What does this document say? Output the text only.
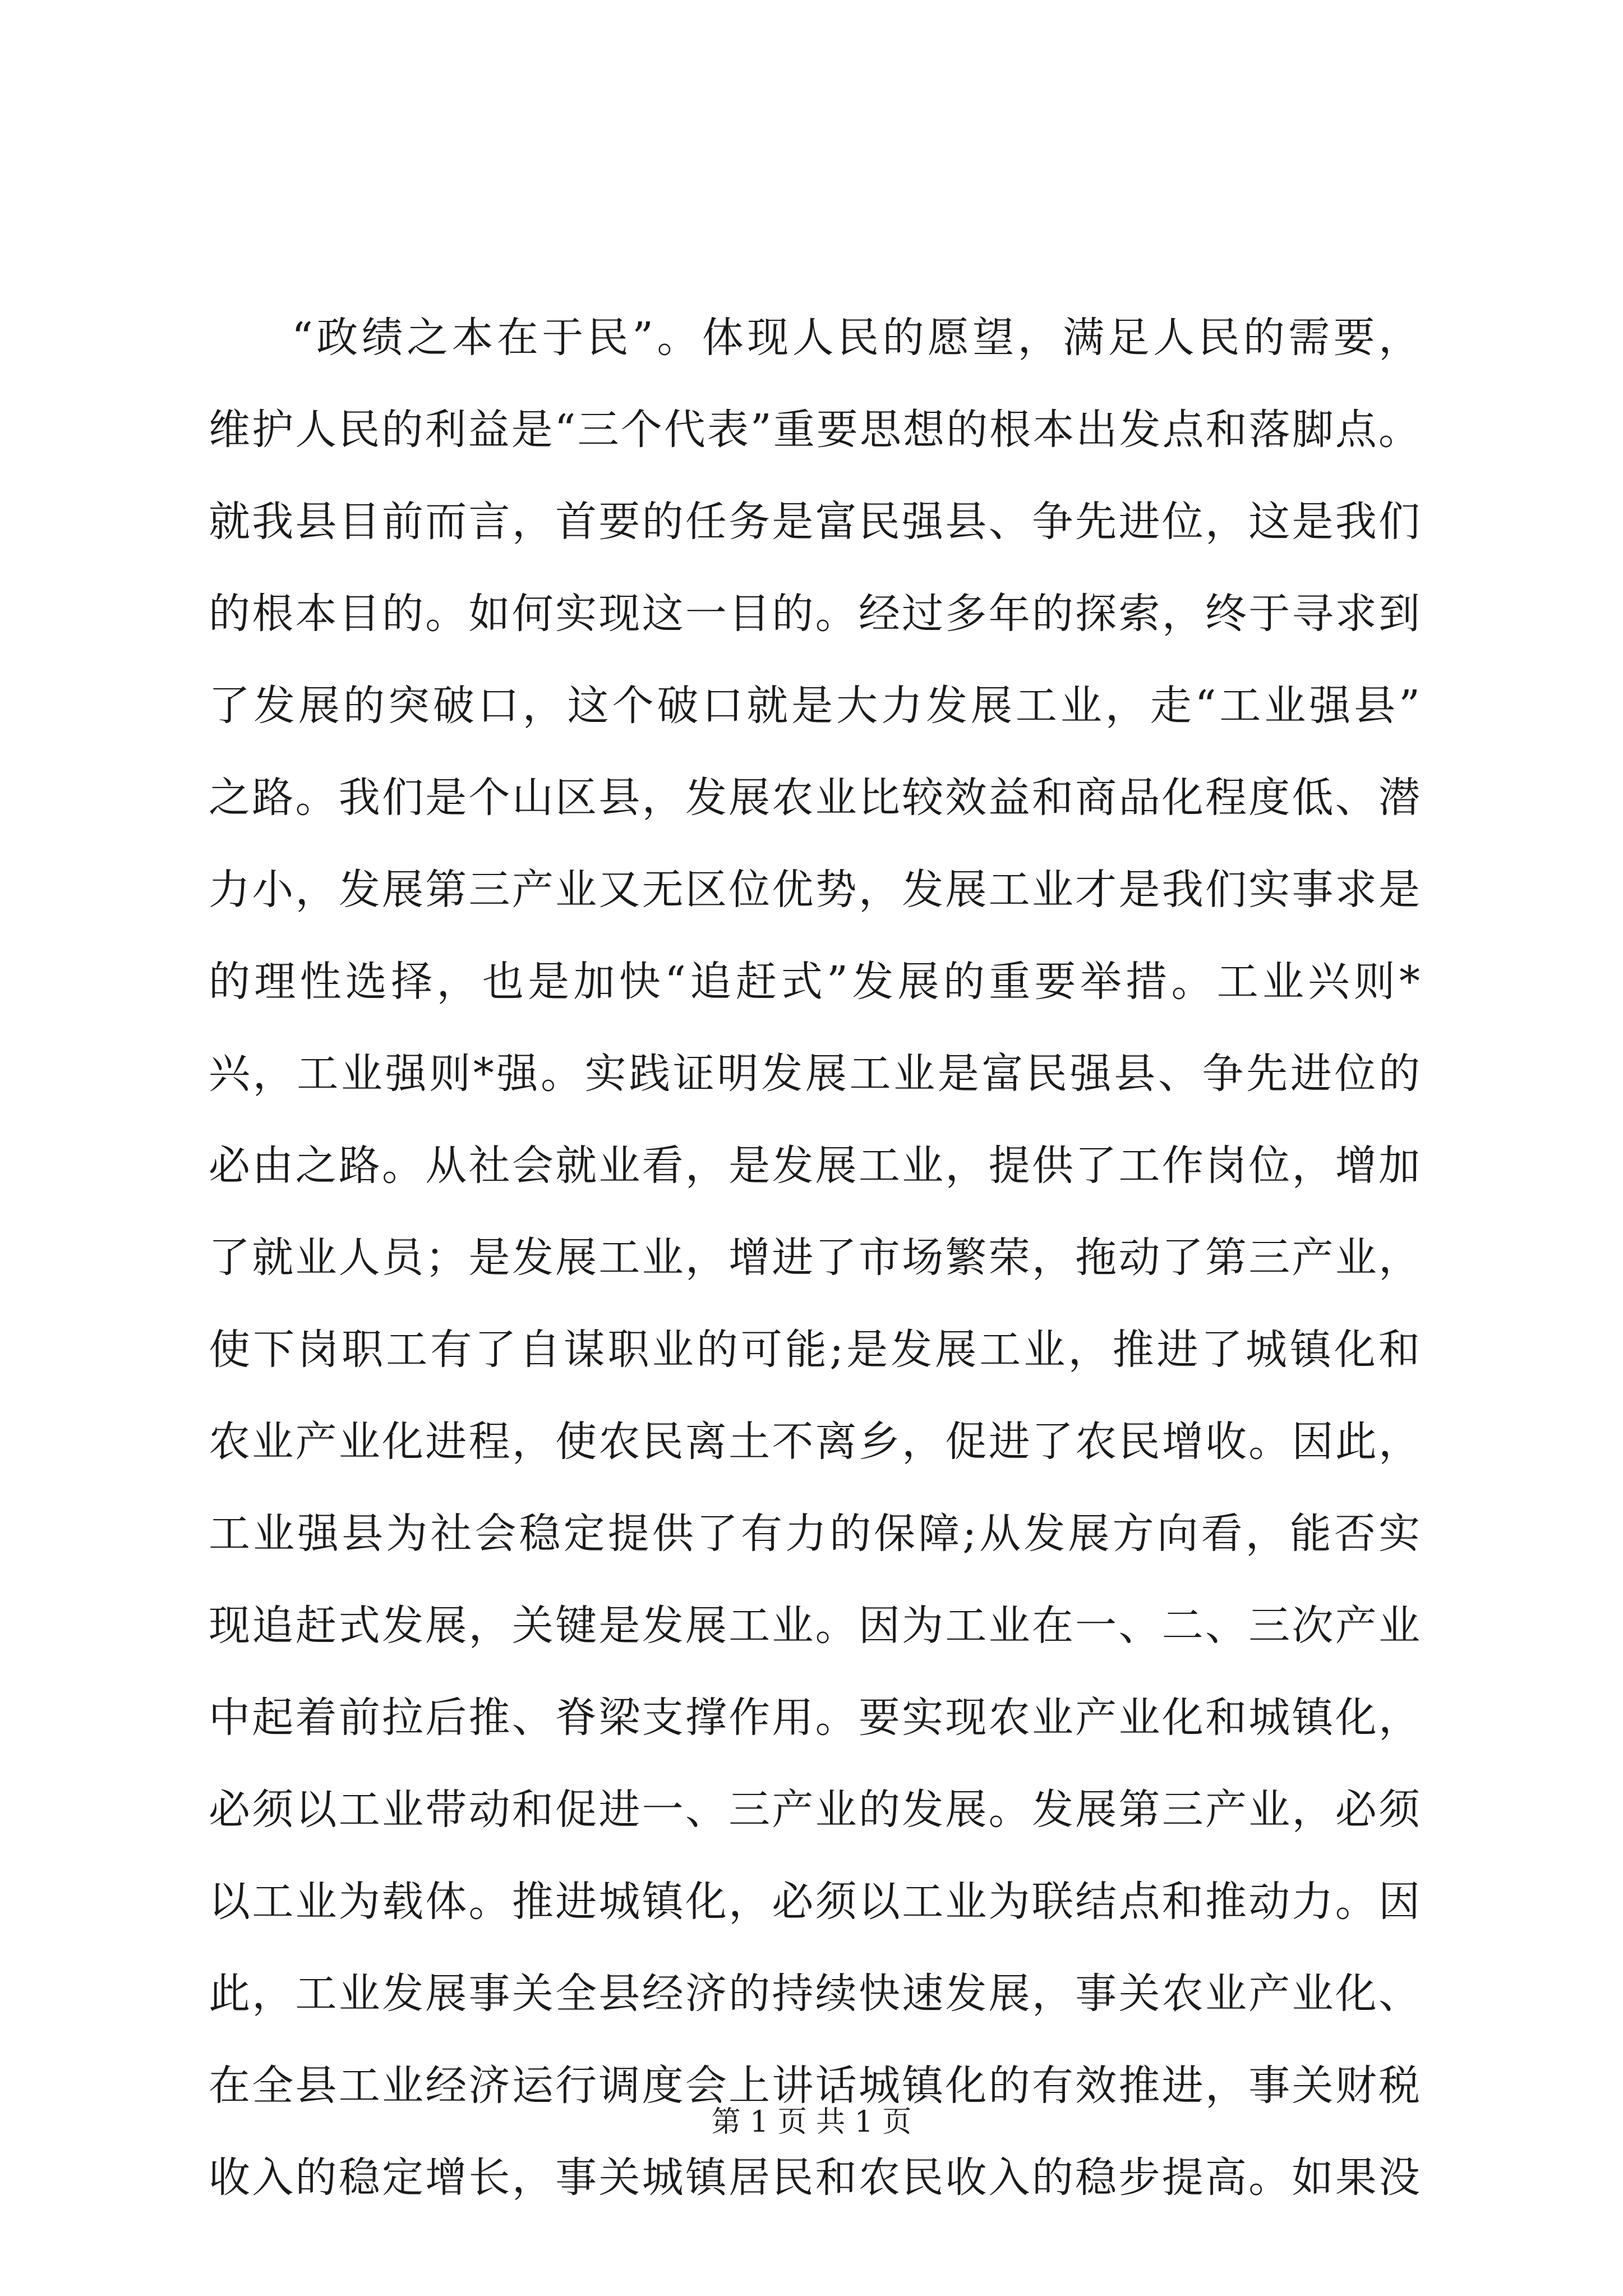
“政绩之本在于民”。体现人民的愿望，满足人民的需要，
维护人民的利益是“三个代表”重要思想的根本出发点和落脚点。
就我县目前而言，首要的任务是富民强县、争先进位，这是我们
的根本目的。如何实现这一目的。经过多年的探索，终于寻求到
了发展的突破口，这个破口就是大力发展工业，走“工业强县”
之路。我们是个山区县，发展农业比较效益和商品化程度低、潜
力小，发展第三产业又无区位优势，发展工业才是我们实事求是
的理性选择，也是加快“追赶式”发展的重要举措。工业兴则*
兴，工业强则*强。实践证明发展工业是富民强县、争先进位的
必由之路。从社会就业看，是发展工业，提供了工作岗位，增加
了就业人员；是发展工业，增进了市场繁荣，拖动了第三产业，
使下岗职工有了自谋职业的可能;是发展工业，推进了城镇化和
农业产业化进程，使农民离土不离乡，促进了农民增收。因此，
工业强县为社会稳定提供了有力的保障;从发展方向看，能否实
现追赶式发展，关键是发展工业。因为工业在一、二、三次产业
中起着前拉后推、脊梁支撑作用。要实现农业产业化和城镇化，
必须以工业带动和促进一、三产业的发展。发展第三产业，必须
以工业为载体。推进城镇化，必须以工业为联结点和推动力。因
此，工业发展事关全县经济的持续快速发展，事关农业产业化、
在全县工业经济运行调度会上讲话城镇化的有效推进，事关财税
收入的稳定增长，事关城镇居民和农民收入的稳步提高。如果没
第 1 页 共 1 页
